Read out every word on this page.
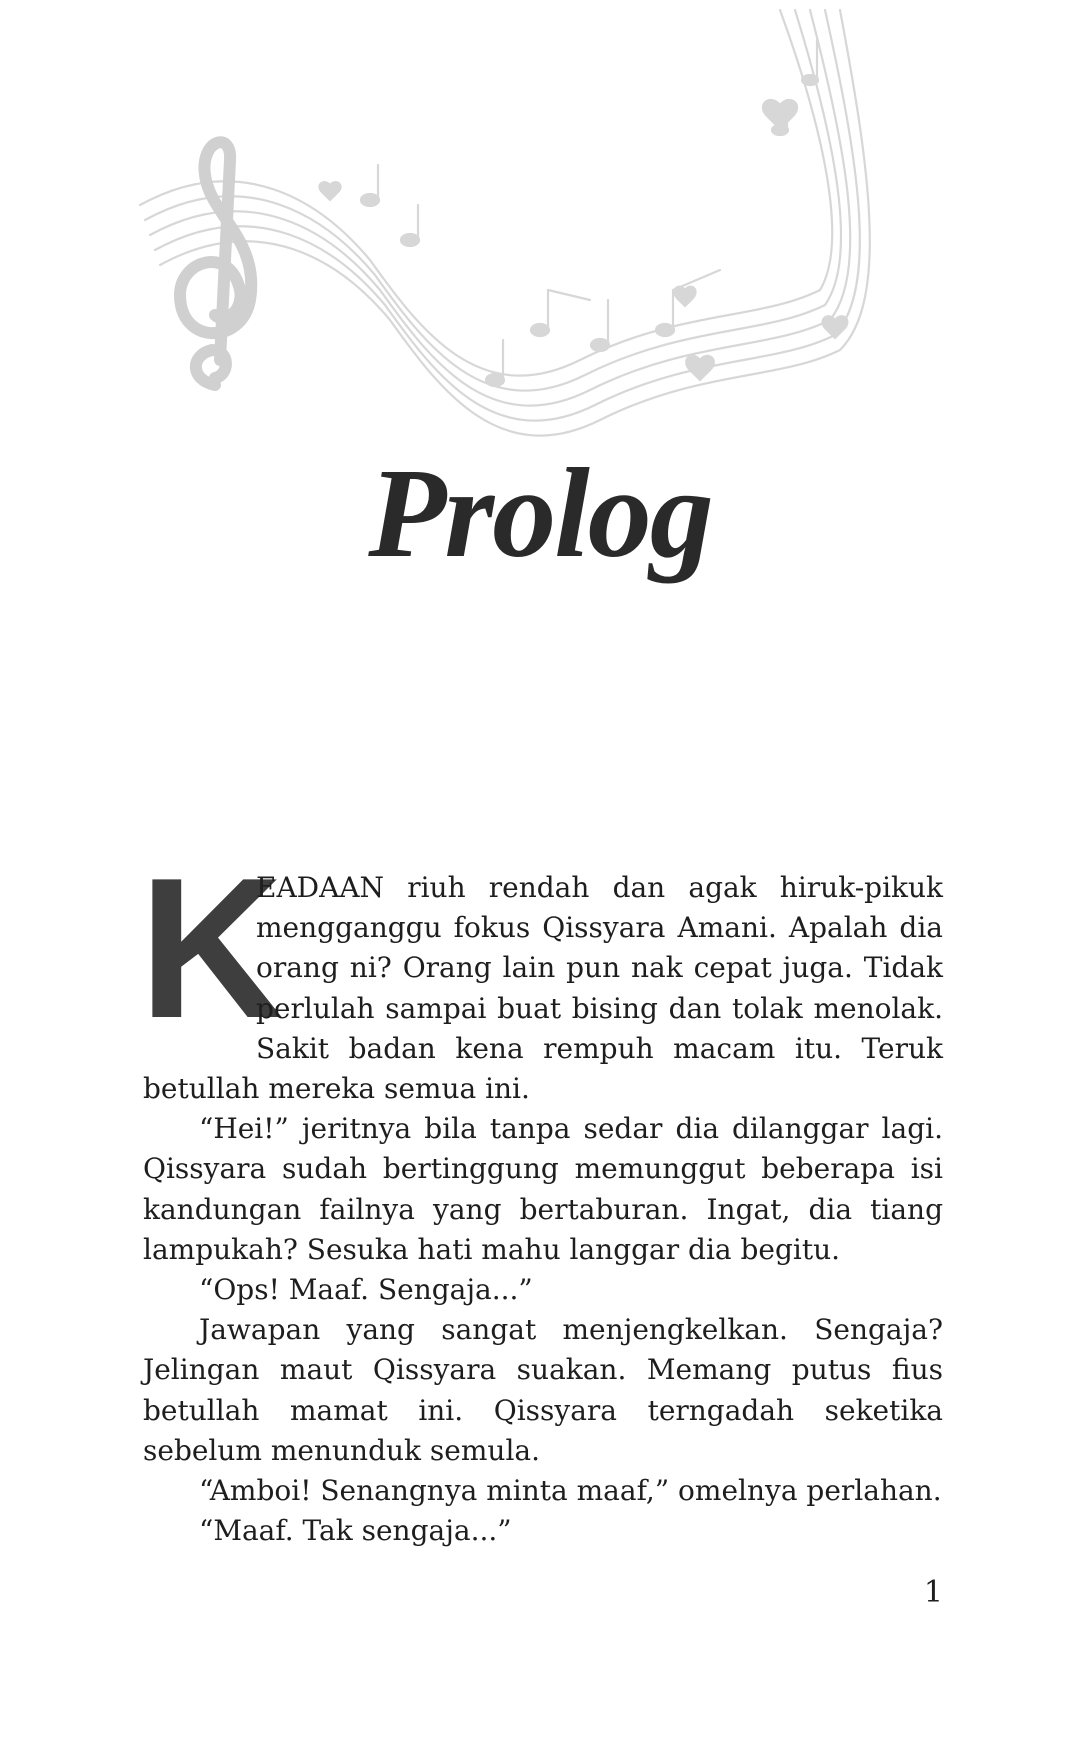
Prolog

K
EADAAN riuh rendah dan agak hiruk-pikuk mengganggu fokus Qissyara Amani. Apalah dia orang ni? Orang lain pun nak cepat juga. Tidak perlulah sampai buat bising dan tolak menolak. Sakit badan kena rempuh macam itu. Teruk betullah mereka semua ini.

“Hei!” jeritnya bila tanpa sedar dia dilanggar lagi. Qissyara sudah bertinggung memunggut beberapa isi kandungan failnya yang bertaburan. Ingat, dia tiang lampukah? Sesuka hati mahu langgar dia begitu.

“Ops! Maaf. Sengaja...”

Jawapan yang sangat menjengkelkan. Sengaja? Jelingan maut Qissyara suakan. Memang putus fius betullah mamat ini. Qissyara terngadah seketika sebelum menunduk semula.

“Amboi! Senangnya minta maaf,” omelnya perlahan.

“Maaf. Tak sengaja...”

1
